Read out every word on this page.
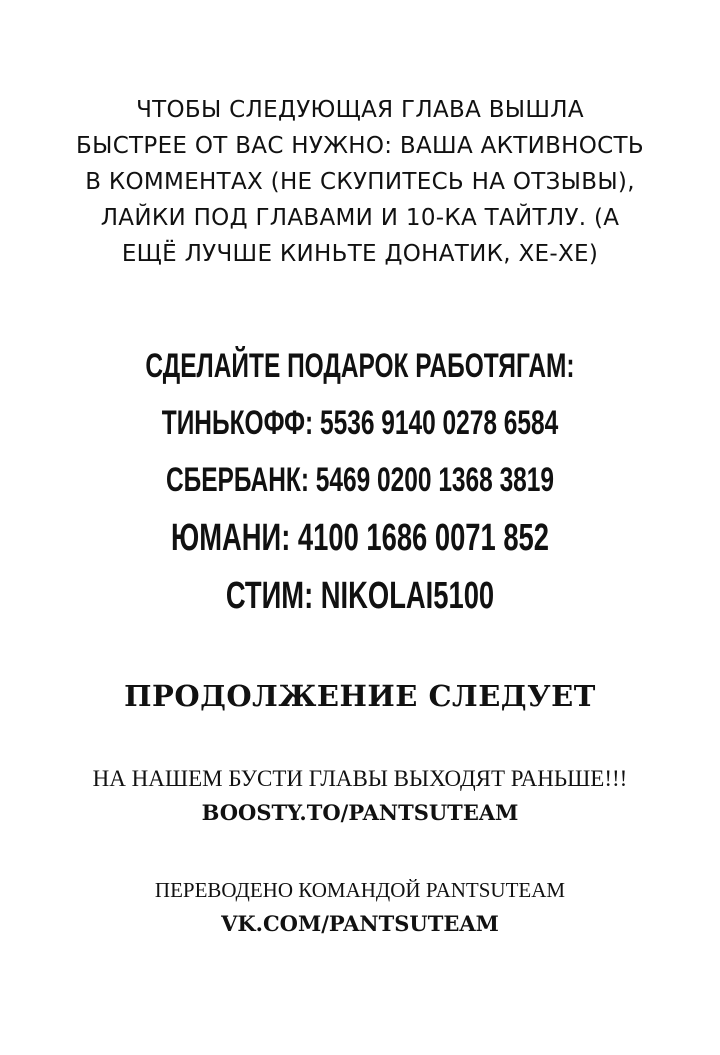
ЧТОБЫ СЛЕДУЮЩАЯ ГЛАВА ВЫШЛА
БЫСТРЕЕ ОТ ВАС НУЖНО: ВАША АКТИВНОСТЬ
В КОММЕНТАХ (НЕ СКУПИТЕСЬ НА ОТЗЫВЫ),
ЛАЙКИ ПОД ГЛАВАМИ И 10-КА ТАЙТЛУ. (А
ЕЩЁ ЛУЧШЕ КИНЬТЕ ДОНАТИК, ХЕ-ХЕ)
СДЕЛАЙТЕ ПОДАРОК РАБОТЯГАМ:
ТИНЬКОФФ: 5536 9140 0278 6584
СБЕРБАНК: 5469 0200 1368 3819
ЮМАНИ: 4100 1686 0071 852
СТИМ: NIKOLAI5100
ПРОДОЛЖЕНИЕ СЛЕДУЕТ
НА НАШЕМ БУСТИ ГЛАВЫ ВЫХОДЯТ РАНЬШЕ!!!
BOOSTY.TO/PANTSUTEAM
ПЕРЕВОДЕНО КОМАНДОЙ PANTSUTEAM
VK.COM/PANTSUTEAM
